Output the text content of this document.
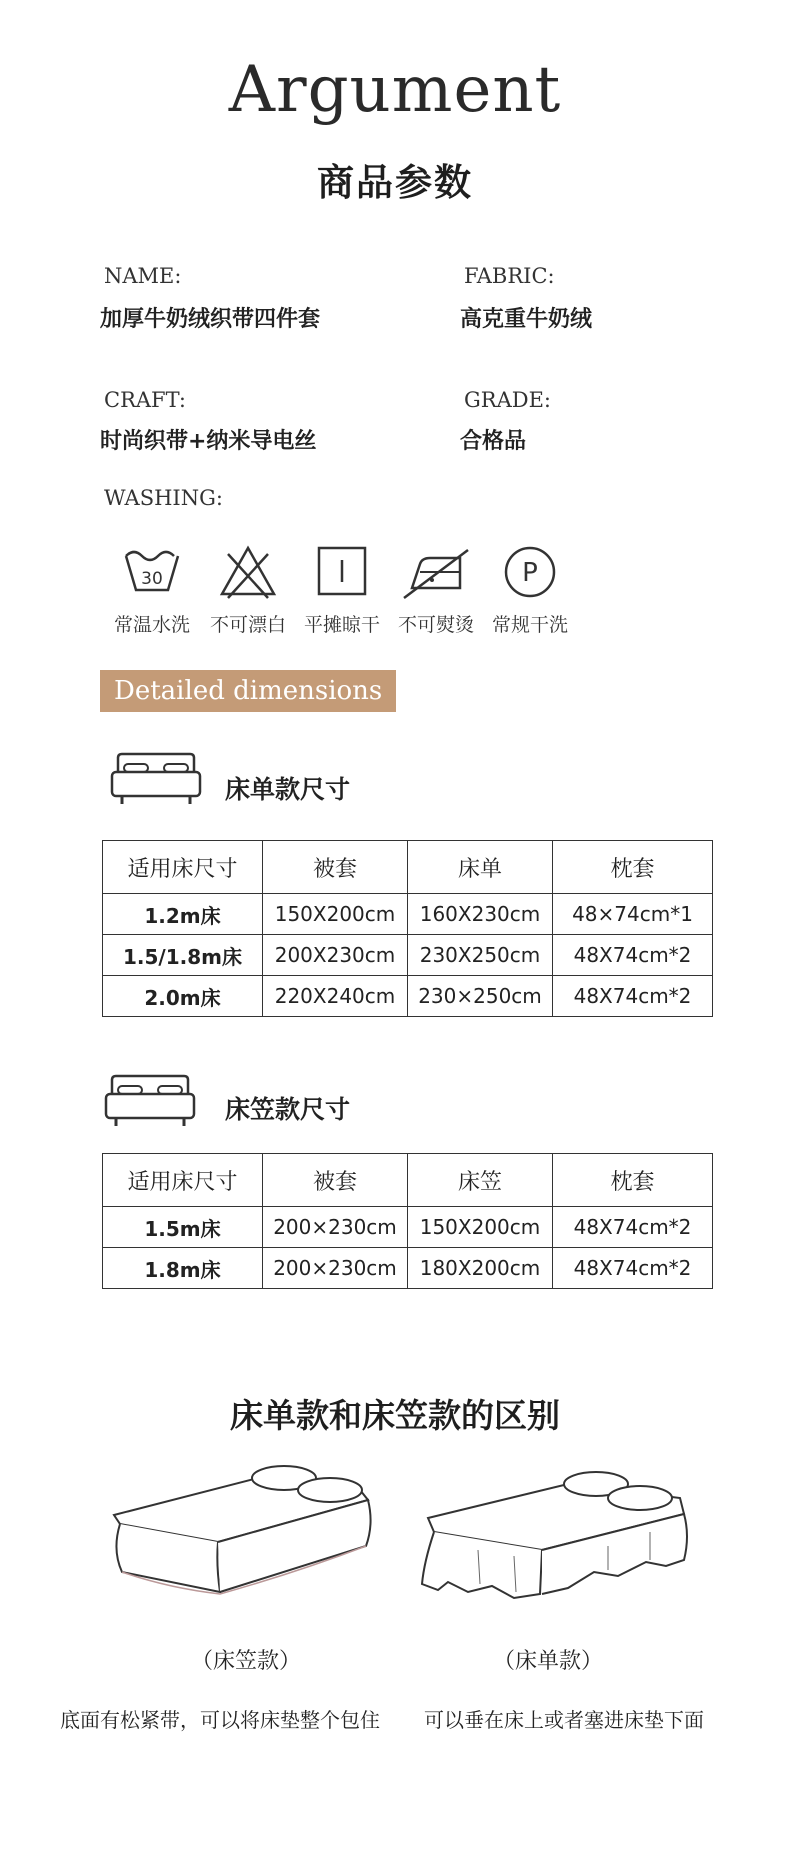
Argument
商品参数
NAME:
加厚牛奶绒织带四件套
FABRIC:
高克重牛奶绒
CRAFT:
时尚织带+纳米导电丝
GRADE:
合格品
WASHING:
30
常温水洗	不可漂白 平摊晾干 不可熨烫
P
常规干洗
Detailed dimensions
床单款尺寸
适用床尺寸	被套	床单	枕套
1.2m床	150X200cm	160X230cm	48×74cm*1
1.5/1.8m床	200X230cm	230X250cm	48X74cm*2
2.0m床	220X240cm	230×250cm	48X74cm*2
床笠款尺寸
适用床尺寸	被套	床笠	枕套
1.5m床	200×230cm	150X200cm	48X74cm*2
1.8m床	200×230cm	180X200cm	48X74cm*2
床单款和床笠款的区别
（床笠款）	（床单款）
底面有松紧带，可以将床垫整个包住 可以垂在床上或者塞进床垫下面
